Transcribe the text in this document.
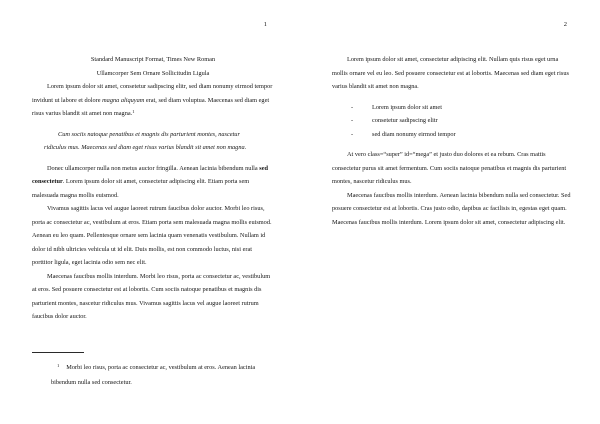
1

Standard Manuscript Format, Times New Roman

Ullamcorper Sem Ornare Sollicitudin Ligula

Lorem ipsum dolor sit amet, consetetur sadipscing elitr, sed diam nonumy eirmod tempor invidunt ut labore et dolore magna aliquyam erat, sed diam voluptua. Maecenas sed diam eget risus varius blandit sit amet non magna.$^1$

Cum sociis natoque penatibus et magnis dis parturient montes, nascetur ridiculus mus. Maecenas sed diam eget risus varius blandit sit amet non magna.

Donec ullamcorper nulla non metus auctor fringilla. Aenean lacinia bibendum nulla sed consectetur. Lorem ipsum dolor sit amet, consectetur adipiscing elit. Etiam porta sem malesuada magna mollis euismod.

Vivamus sagittis lacus vel augue laoreet rutrum faucibus dolor auctor. Morbi leo risus, porta ac consectetur ac, vestibulum at eros. Etiam porta sem malesuada magna mollis euismod. Aenean eu leo quam. Pellentesque ornare sem lacinia quam venenatis vestibulum. Nullam id dolor id nibh ultricies vehicula ut id elit. Duis mollis, est non commodo luctus, nisi erat porttitor ligula, eget lacinia odio sem nec elit.

Maecenas faucibus mollis interdum. Morbi leo risus, porta ac consectetur ac, vestibulum at eros. Sed posuere consectetur est at lobortis. Cum sociis natoque penatibus et magnis dis parturient montes, nascetur ridiculus mus. Vivamus sagittis lacus vel augue laoreet rutrum faucibus dolor auctor.

$^1$ Morbi leo risus, porta ac consectetur ac, vestibulum at eros. Aenean lacinia bibendum nulla sed consectetur.

2

Lorem ipsum dolor sit amet, consectetur adipiscing elit. Nullam quis risus eget urna mollis ornare vel eu leo. Sed posuere consectetur est at lobortis. Maecenas sed diam eget risus varius blandit sit amet non magna.

-	Lorem ipsum dolor sit amet
-	consetetur sadipscing elitr
-	sed diam nonumy eirmod tempor

At vero class=“super” id=“mega” et justo duo dolores et ea rebum. Cras mattis consectetur purus sit amet fermentum. Cum sociis natoque penatibus et magnis dis parturient montes, nascetur ridiculus mus.

Maecenas faucibus mollis interdum. Aenean lacinia bibendum nulla sed consectetur. Sed posuere consectetur est at lobortis. Cras justo odio, dapibus ac facilisis in, egestas eget quam. Maecenas faucibus mollis interdum. Lorem ipsum dolor sit amet, consectetur adipiscing elit.
